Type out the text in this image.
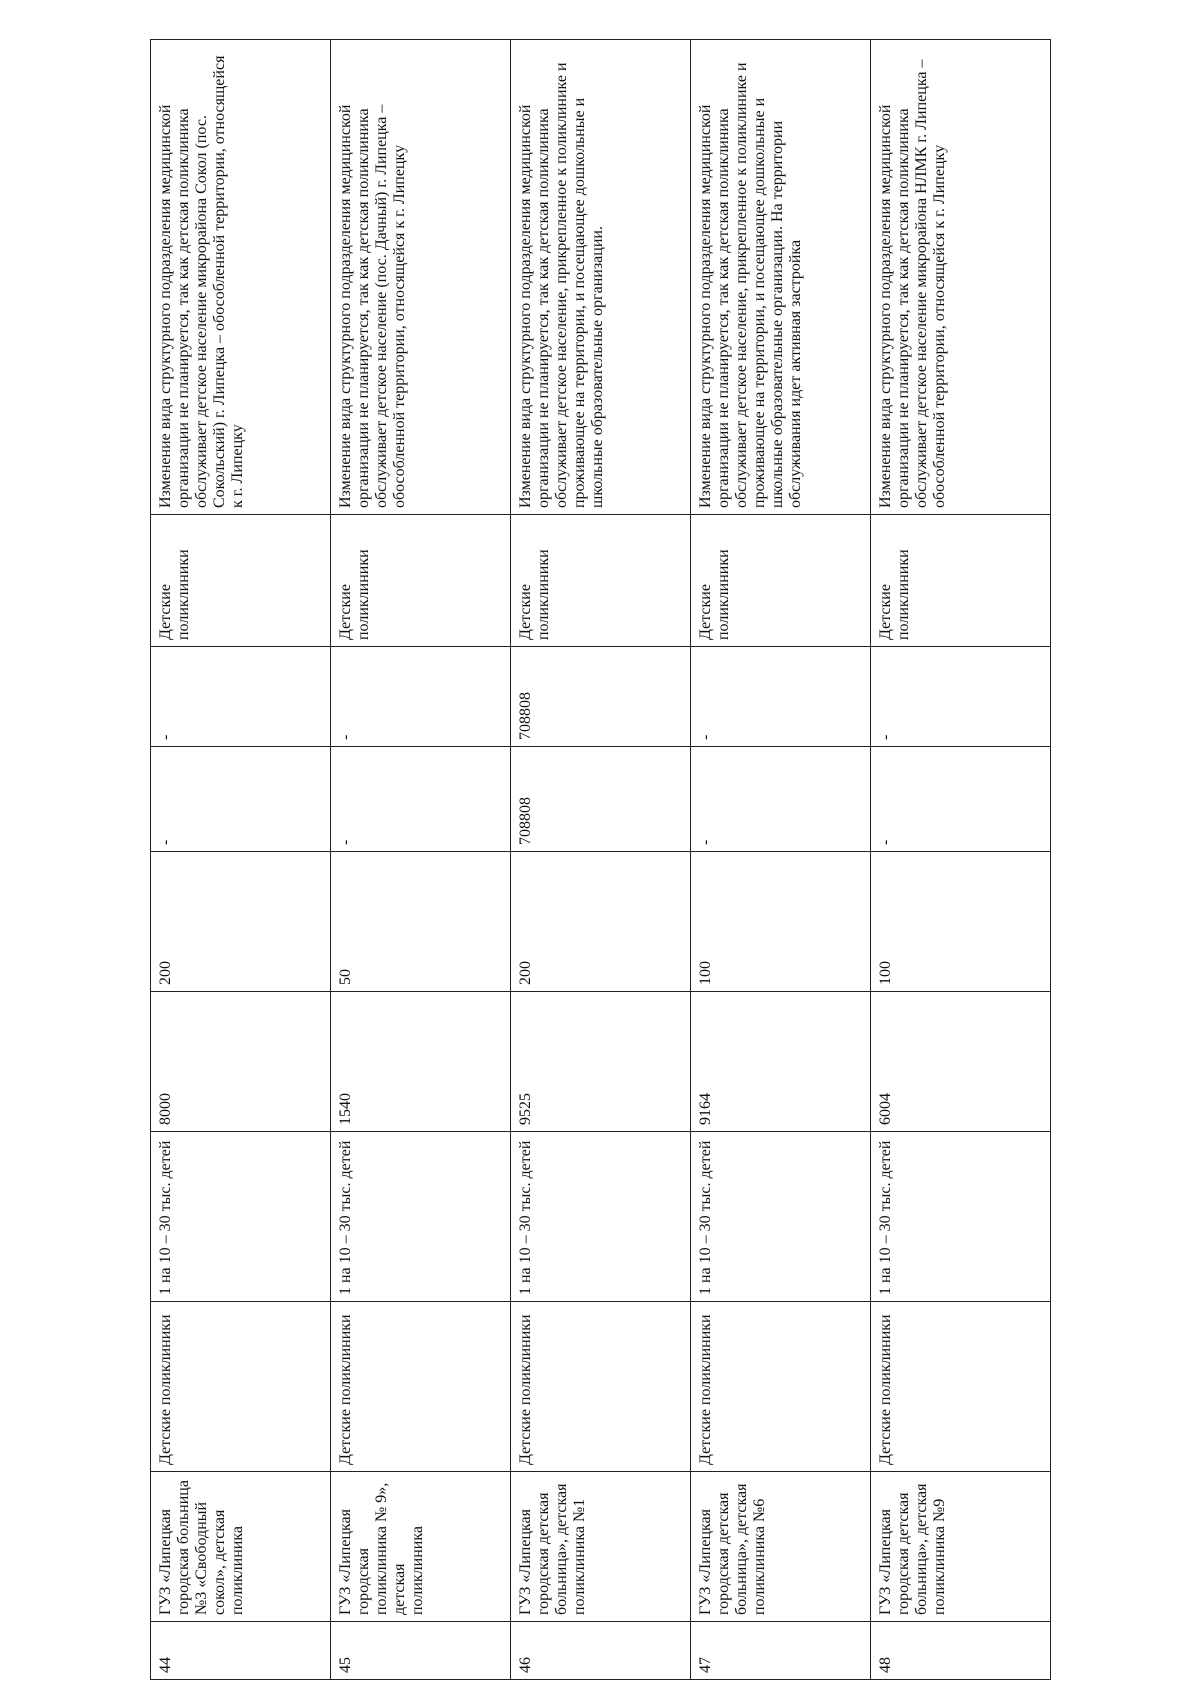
44	ГУЗ «Липецкая городская больница №3 «Свободный сокол», детская поликлиника	Детские поликлиники	1 на 10 – 30 тыс. детей	8000	200	-	-	Детские поликлиники	Изменение вида структурного подразделения медицинской организации не планируется, так как детская поликлиника обслуживает детское население микрорайона Сокол (пос. Сокольский) г. Липецка – обособленной территории, относящейся к г. Липецку

45	ГУЗ «Липецкая городская поликлиника № 9», детская поликлиника	Детские поликлиники	1 на 10 – 30 тыс. детей	1540	50	-	-	Детские поликлиники	Изменение вида структурного подразделения медицинской организации не планируется, так как детская поликлиника обслуживает детское население (пос. Дачный) г. Липецка – обособленной территории, относящейся к г. Липецку

46	ГУЗ «Липецкая городская детская больница», детская поликлиника №1	Детские поликлиники	1 на 10 – 30 тыс. детей	9525	200	708808	708808	Детские поликлиники	Изменение вида структурного подразделения медицинской организации не планируется, так как детская поликлиника обслуживает детское население, прикрепленное к поликлинике и проживающее на территории, и посещающее дошкольные и школьные образовательные организации.

47	ГУЗ «Липецкая городская детская больница», детская поликлиника №6	Детские поликлиники	1 на 10 – 30 тыс. детей	9164	100	-	-	Детские поликлиники	Изменение вида структурного подразделения медицинской организации не планируется, так как детская поликлиника обслуживает детское население, прикрепленное к поликлинике и проживающее на территории, и посещающее дошкольные и школьные образовательные организации. На территории обслуживания идет активная застройка

48	ГУЗ «Липецкая городская детская больница», детская поликлиника №9	Детские поликлиники	1 на 10 – 30 тыс. детей	6004	100	-	-	Детские поликлиники	Изменение вида структурного подразделения медицинской организации не планируется, так как детская поликлиника обслуживает детское население микрорайона НЛМК г. Липецка – обособленной территории, относящейся к г. Липецку
